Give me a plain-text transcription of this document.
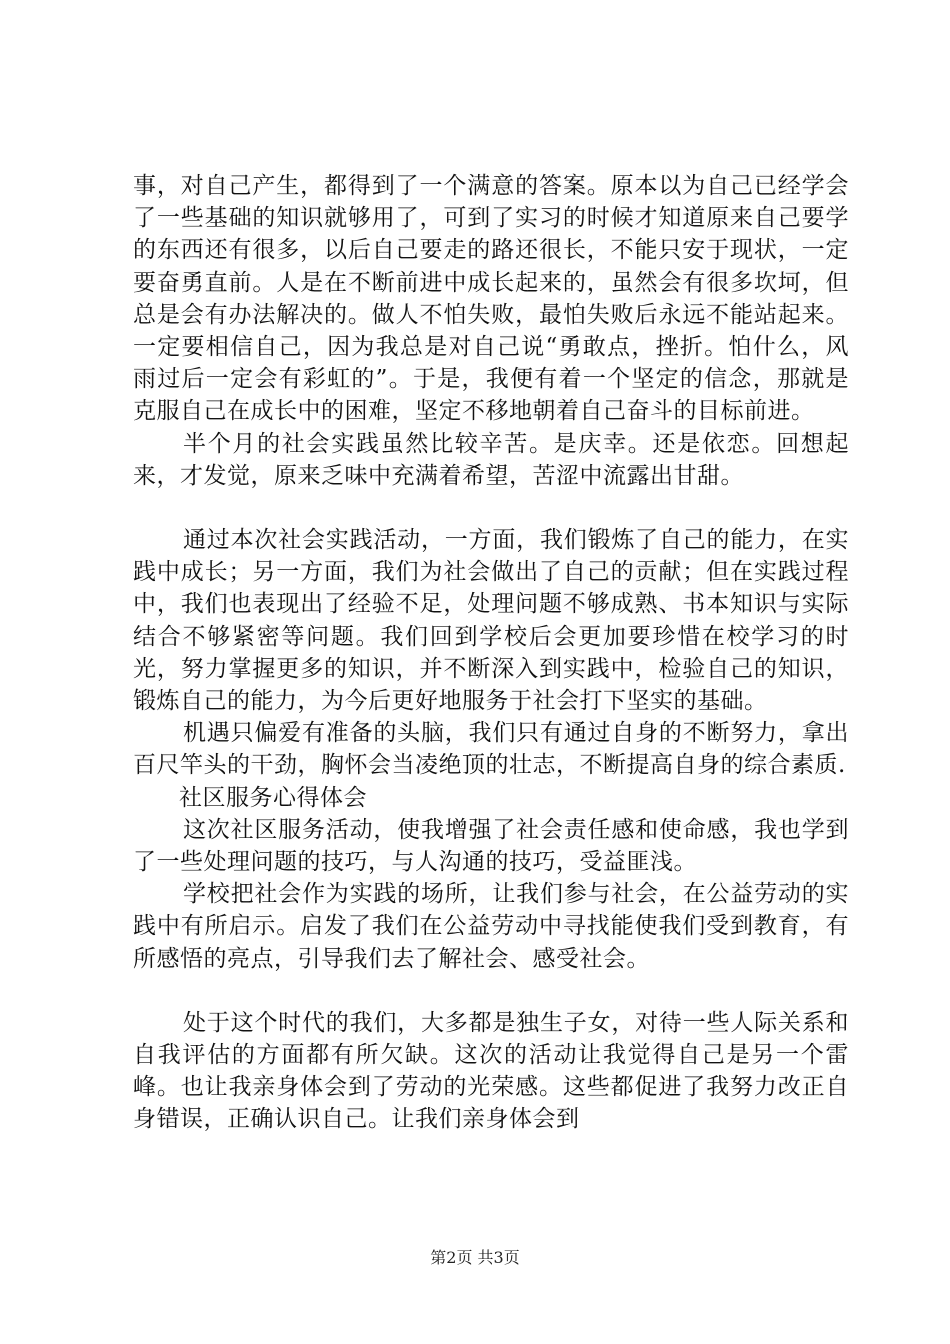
事，对自己产生，都得到了一个满意的答案。原本以为自己已经学会了一些基础的知识就够用了，可到了实习的时候才知道原来自己要学的东西还有很多，以后自己要走的路还很长，不能只安于现状，一定要奋勇直前。人是在不断前进中成长起来的，虽然会有很多坎坷，但总是会有办法解决的。做人不怕失败，最怕失败后永远不能站起来。一定要相信自己，因为我总是对自己说“勇敢点，挫折。怕什么，风雨过后一定会有彩虹的”。于是，我便有着一个坚定的信念，那就是克服自己在成长中的困难，坚定不移地朝着自己奋斗的目标前进。

半个月的社会实践虽然比较辛苦。是庆幸。还是依恋。回想起来，才发觉，原来乏味中充满着希望，苦涩中流露出甘甜。

通过本次社会实践活动，一方面，我们锻炼了自己的能力，在实践中成长；另一方面，我们为社会做出了自己的贡献；但在实践过程中，我们也表现出了经验不足，处理问题不够成熟、书本知识与实际结合不够紧密等问题。我们回到学校后会更加要珍惜在校学习的时光，努力掌握更多的知识，并不断深入到实践中，检验自己的知识，锻炼自己的能力，为今后更好地服务于社会打下坚实的基础。

机遇只偏爱有准备的头脑，我们只有通过自身的不断努力，拿出百尺竿头的干劲，胸怀会当凌绝顶的壮志，不断提高自身的综合素质.

社区服务心得体会

这次社区服务活动，使我增强了社会责任感和使命感，我也学到了一些处理问题的技巧，与人沟通的技巧，受益匪浅。

学校把社会作为实践的场所，让我们参与社会，在公益劳动的实践中有所启示。启发了我们在公益劳动中寻找能使我们受到教育，有所感悟的亮点，引导我们去了解社会、感受社会。

处于这个时代的我们，大多都是独生子女，对待一些人际关系和自我评估的方面都有所欠缺。这次的活动让我觉得自己是另一个雷峰。也让我亲身体会到了劳动的光荣感。这些都促进了我努力改正自身错误，正确认识自己。让我们亲身体会到

第2页 共3页
